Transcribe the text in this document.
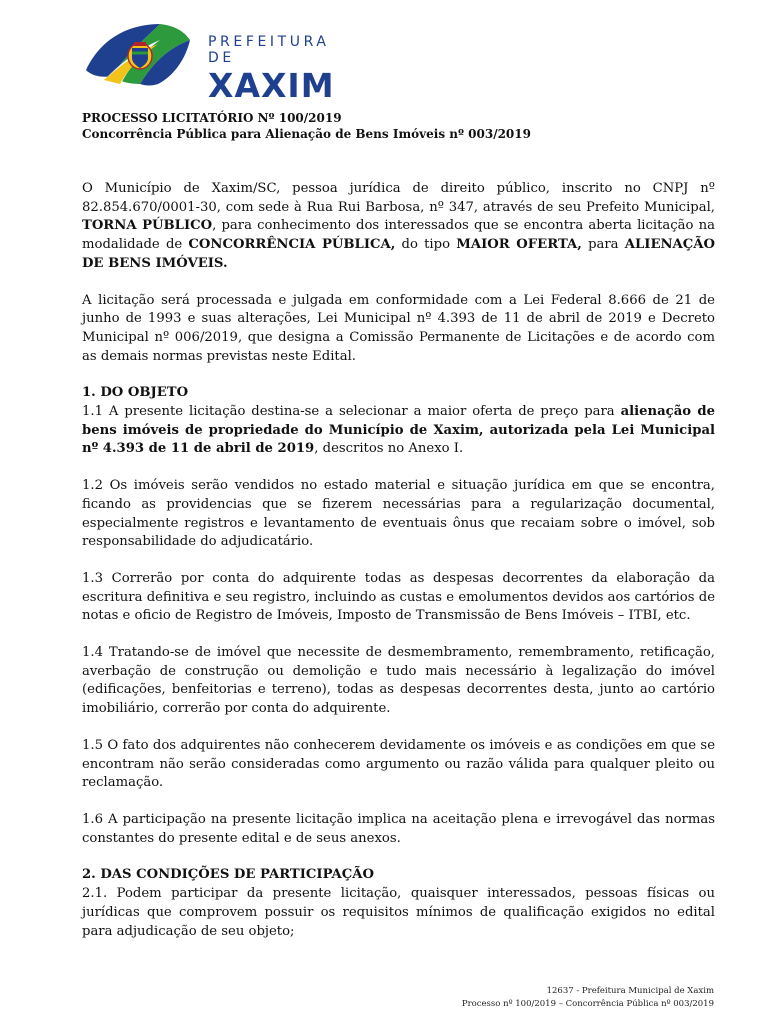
PREFEITURA DE
XAXIM

PROCESSO LICITATÓRIO Nº 100/2019

Concorrência Pública para Alienação de Bens Imóveis nº 003/2019

O Município de Xaxim/SC, pessoa jurídica de direito público, inscrito no CNPJ nº 82.854.670/0001-30, com sede à Rua Rui Barbosa, nº 347, através de seu Prefeito Municipal, TORNA PÚBLICO, para conhecimento dos interessados que se encontra aberta licitação na modalidade de CONCORRÊNCIA PÚBLICA, do tipo MAIOR OFERTA, para ALIENAÇÃO DE BENS IMÓVEIS.

A licitação será processada e julgada em conformidade com a Lei Federal 8.666 de 21 de junho de 1993 e suas alterações, Lei Municipal nº 4.393 de 11 de abril de 2019 e Decreto Municipal nº 006/2019, que designa a Comissão Permanente de Licitações e de acordo com as demais normas previstas neste Edital.

1. DO OBJETO

1.1 A presente licitação destina-se a selecionar a maior oferta de preço para alienação de bens imóveis de propriedade do Município de Xaxim, autorizada pela Lei Municipal nº 4.393 de 11 de abril de 2019, descritos no Anexo I.

1.2 Os imóveis serão vendidos no estado material e situação jurídica em que se encontra, ficando as providencias que se fizerem necessárias para a regularização documental, especialmente registros e levantamento de eventuais ônus que recaiam sobre o imóvel, sob responsabilidade do adjudicatário.

1.3 Correrão por conta do adquirente todas as despesas decorrentes da elaboração da escritura definitiva e seu registro, incluindo as custas e emolumentos devidos aos cartórios de notas e oficio de Registro de Imóveis, Imposto de Transmissão de Bens Imóveis – ITBI, etc.

1.4 Tratando-se de imóvel que necessite de desmembramento, remembramento, retificação, averbação de construção ou demolição e tudo mais necessário à legalização do imóvel (edificações, benfeitorias e terreno), todas as despesas decorrentes desta, junto ao cartório imobiliário, correrão por conta do adquirente.

1.5 O fato dos adquirentes não conhecerem devidamente os imóveis e as condições em que se encontram não serão consideradas como argumento ou razão válida para qualquer pleito ou reclamação.

1.6 A participação na presente licitação implica na aceitação plena e irrevogável das normas constantes do presente edital e de seus anexos.

2. DAS CONDIÇÕES DE PARTICIPAÇÃO

2.1. Podem participar da presente licitação, quaisquer interessados, pessoas físicas ou jurídicas que comprovem possuir os requisitos mínimos de qualificação exigidos no edital para adjudicação de seu objeto;

12637 - Prefeitura Municipal de Xaxim
Processo nº 100/2019 – Concorrência Pública nº 003/2019
